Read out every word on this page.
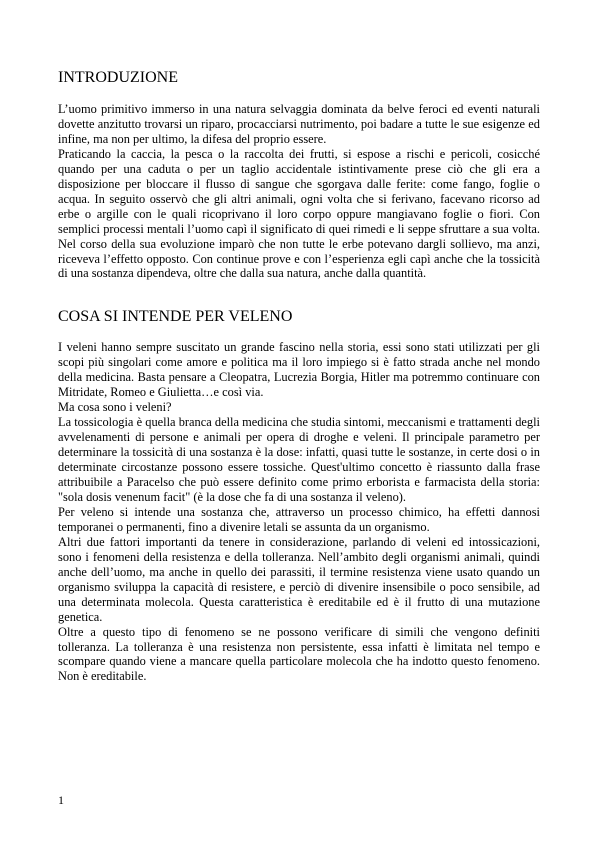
INTRODUZIONE

L’uomo primitivo immerso in una natura selvaggia dominata da belve feroci ed eventi naturali dovette anzitutto trovarsi un riparo, procacciarsi nutrimento, poi badare a tutte le sue esigenze ed infine, ma non per ultimo, la difesa del proprio essere.

Praticando la caccia, la pesca o la raccolta dei frutti, si espose a rischi e pericoli, cosicché quando per una caduta o per un taglio accidentale istintivamente prese ciò che gli era a disposizione per bloccare il flusso di sangue che sgorgava dalle ferite: come fango, foglie o acqua. In seguito osservò che gli altri animali, ogni volta che si ferivano, facevano ricorso ad erbe o argille con le quali ricoprivano il loro corpo oppure mangiavano foglie o fiori. Con semplici processi mentali l’uomo capì il significato di quei rimedi e li seppe sfruttare a sua volta. Nel corso della sua evoluzione imparò che non tutte le erbe potevano dargli sollievo, ma anzi, riceveva l’effetto opposto. Con continue prove e con l’esperienza egli capì anche che la tossicità di una sostanza dipendeva, oltre che dalla sua natura, anche dalla quantità.

COSA SI INTENDE PER VELENO

I veleni hanno sempre suscitato un grande fascino nella storia, essi sono stati utilizzati per gli scopi più singolari come amore e politica ma il loro impiego si è fatto strada anche nel mondo della medicina. Basta pensare a Cleopatra, Lucrezia Borgia, Hitler ma potremmo continuare con Mitridate, Romeo e Giulietta…e così via.

Ma cosa sono i veleni?

La tossicologia è quella branca della medicina che studia sintomi, meccanismi e trattamenti degli avvelenamenti di persone e animali per opera di droghe e veleni. Il principale parametro per determinare la tossicità di una sostanza è la dose: infatti, quasi tutte le sostanze, in certe dosi o in determinate circostanze possono essere tossiche. Quest'ultimo concetto è riassunto dalla frase attribuibile a Paracelso che può essere definito come primo erborista e farmacista della storia: "sola dosis venenum facit" (è la dose che fa di una sostanza il veleno).

Per veleno si intende una sostanza che, attraverso un processo chimico, ha effetti dannosi temporanei o permanenti, fino a divenire letali se assunta da un organismo.

Altri due fattori importanti da tenere in considerazione, parlando di veleni ed intossicazioni, sono i fenomeni della resistenza e della tolleranza. Nell’ambito degli organismi animali, quindi anche dell’uomo, ma anche in quello dei parassiti, il termine resistenza viene usato quando un organismo sviluppa la capacità di resistere, e perciò di divenire insensibile o poco sensibile, ad una determinata molecola. Questa caratteristica è ereditabile ed è il frutto di una mutazione genetica.

Oltre a questo tipo di fenomeno se ne possono verificare di simili che vengono definiti tolleranza. La tolleranza è una resistenza non persistente, essa infatti è limitata nel tempo e scompare quando viene a mancare quella particolare molecola che ha indotto questo fenomeno. Non è ereditabile.

1
